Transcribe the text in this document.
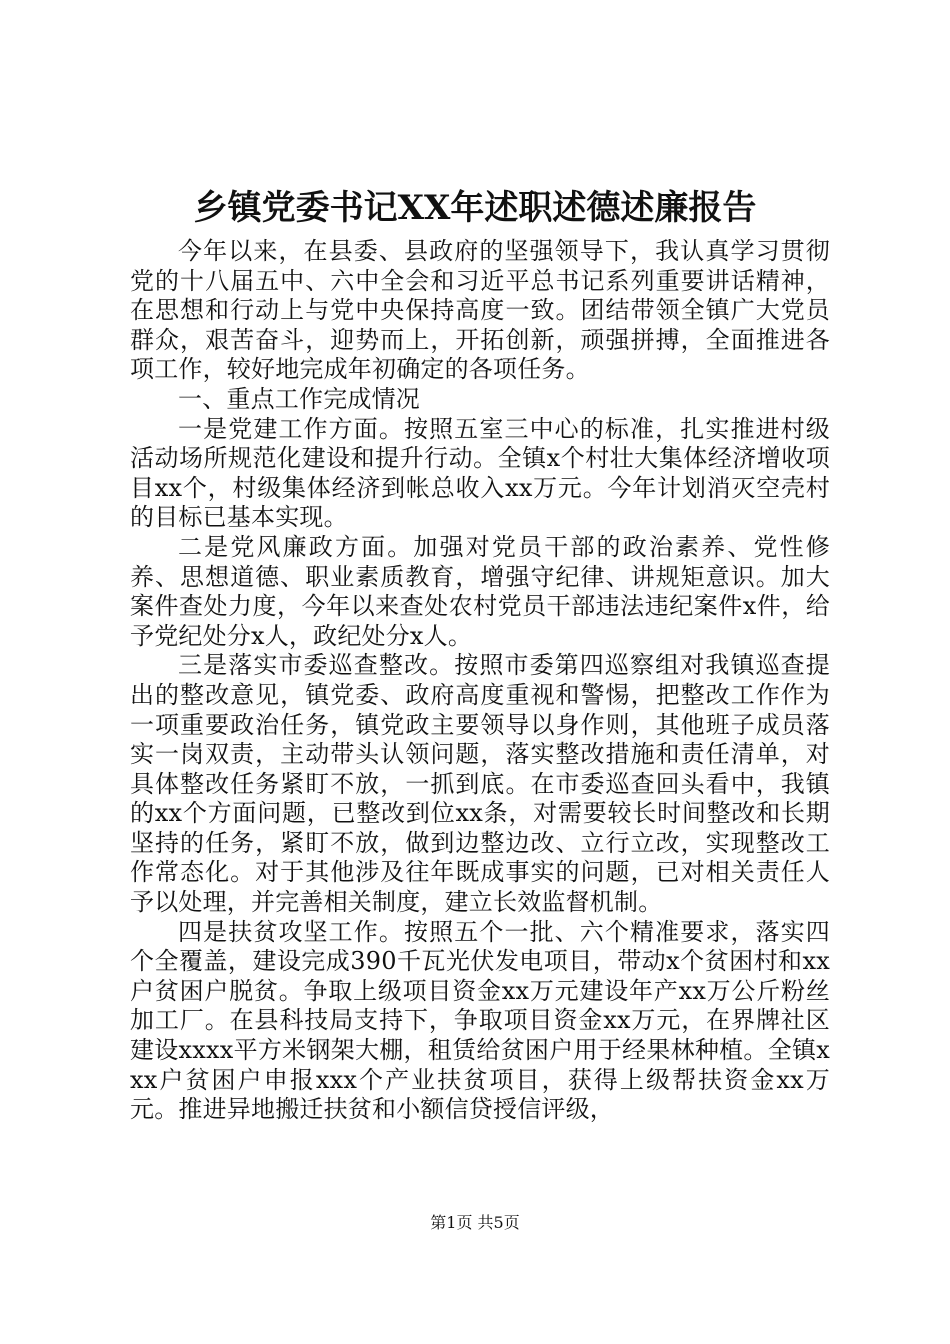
乡镇党委书记XX年述职述德述廉报告

今年以来，在县委、县政府的坚强领导下，我认真学习贯彻党的十八届五中、六中全会和习近平总书记系列重要讲话精神，在思想和行动上与党中央保持高度一致。团结带领全镇广大党员群众，艰苦奋斗，迎势而上，开拓创新，顽强拼搏，全面推进各项工作，较好地完成年初确定的各项任务。

一、重点工作完成情况

一是党建工作方面。按照五室三中心的标准，扎实推进村级活动场所规范化建设和提升行动。全镇x个村壮大集体经济增收项目xx个，村级集体经济到帐总收入xx万元。今年计划消灭空壳村的目标已基本实现。

二是党风廉政方面。加强对党员干部的政治素养、党性修养、思想道德、职业素质教育，增强守纪律、讲规矩意识。加大案件查处力度，今年以来查处农村党员干部违法违纪案件x件，给予党纪处分x人，政纪处分x人。

三是落实市委巡查整改。按照市委第四巡察组对我镇巡查提出的整改意见，镇党委、政府高度重视和警惕，把整改工作作为一项重要政治任务，镇党政主要领导以身作则，其他班子成员落实一岗双责，主动带头认领问题，落实整改措施和责任清单，对具体整改任务紧盯不放，一抓到底。在市委巡查回头看中，我镇的xx个方面问题，已整改到位xx条，对需要较长时间整改和长期坚持的任务，紧盯不放，做到边整边改、立行立改，实现整改工作常态化。对于其他涉及往年既成事实的问题，已对相关责任人予以处理，并完善相关制度，建立长效监督机制。

四是扶贫攻坚工作。按照五个一批、六个精准要求，落实四个全覆盖，建设完成390千瓦光伏发电项目，带动x个贫困村和xx户贫困户脱贫。争取上级项目资金xx万元建设年产xx万公斤粉丝加工厂。在县科技局支持下，争取项目资金xx万元，在界牌社区建设xxxx平方米钢架大棚，租赁给贫困户用于经果林种植。全镇xxx户贫困户申报xxx个产业扶贫项目，获得上级帮扶资金xx万元。推进异地搬迁扶贫和小额信贷授信评级，

第1页 共5页
